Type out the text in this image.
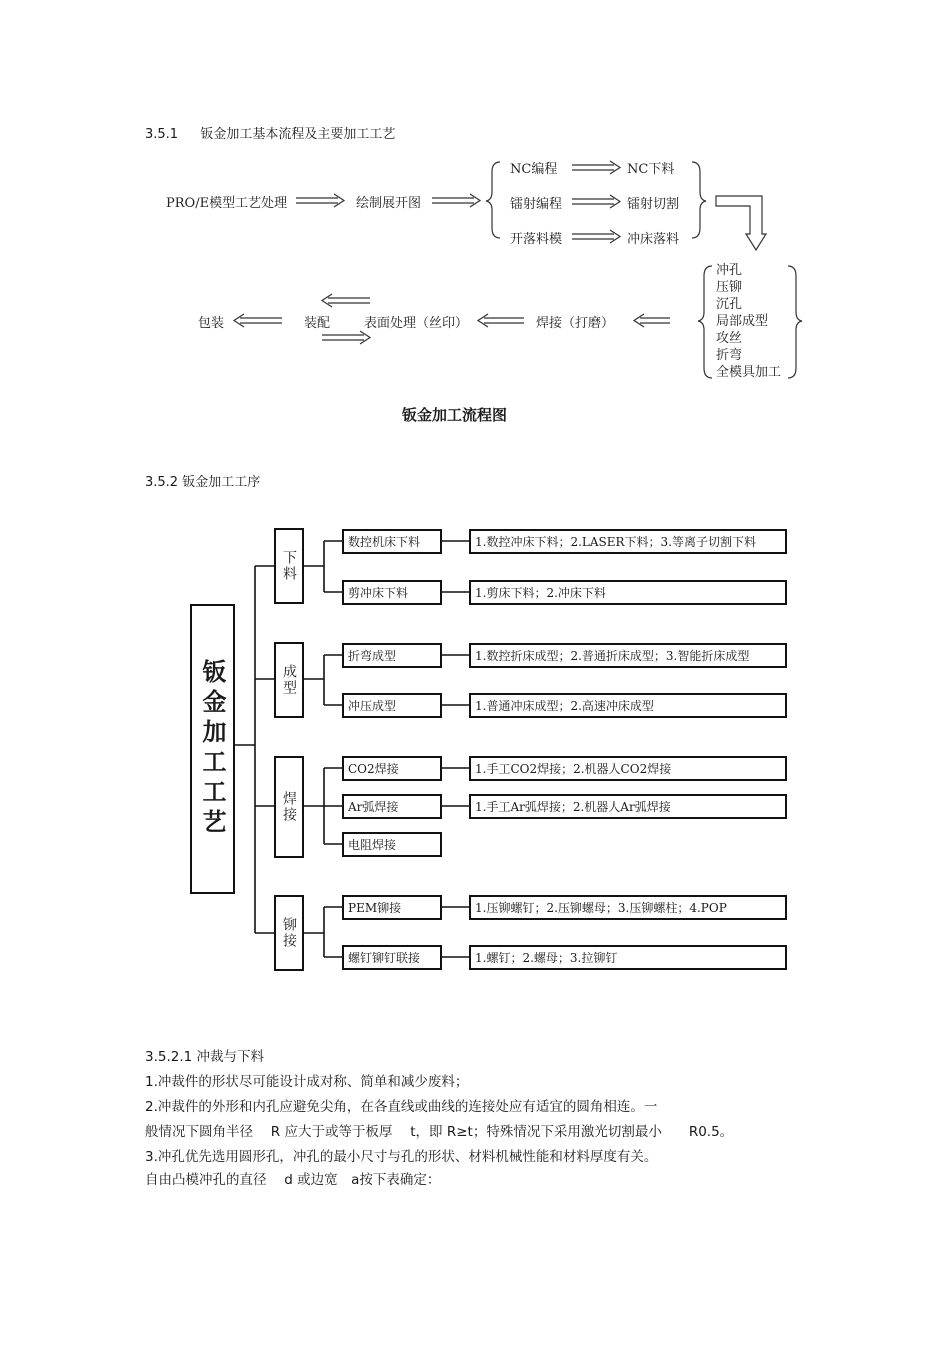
3.5.1 钣金加工基本流程及主要加工工艺
PRO/E模型工艺处理	绘制展开图
NC编程	NC下料
镭射编程	镭射切割
开落料模	冲床落料
冲孔
压铆
沉孔
局部成型
攻丝
折弯
全模具加工
焊接（打磨）
表面处理（丝印）
装配
包装
钣金加工流程图
3.5.2 钣金加工工序
钣金加工工艺
下料
成型
焊接
铆接
数控机床下料
剪冲床下料
折弯成型
冲压成型
CO2焊接
Ar弧焊接
电阻焊接
PEM铆接
螺钉铆钉联接
1.数控冲床下料；2.LASER下料；3.等离子切割下料
1.剪床下料；2.冲床下料
1.数控折床成型；2.普通折床成型；3.智能折床成型
1.普通冲床成型；2.高速冲床成型
1.手工CO2焊接；2.机器人CO2焊接
1.手工Ar弧焊接；2.机器人Ar弧焊接
1.压铆螺钉；2.压铆螺母；3.压铆螺柱；4.POP
1.螺钉；2.螺母；3.拉铆钉
3.5.2.1 冲裁与下料
1.冲裁件的形状尽可能设计成对称、简单和减少废料；
2.冲裁件的外形和内孔应避免尖角，在各直线或曲线的连接处应有适宜的圆角相连。一
般情况下圆角半径　 R 应大于或等于板厚　 t，即 R≥t；特殊情况下采用激光切割最小　　R0.5。
3.冲孔优先选用圆形孔，冲孔的最小尺寸与孔的形状、材料机械性能和材料厚度有关。
自由凸模冲孔的直径　 d 或边宽　a按下表确定：
